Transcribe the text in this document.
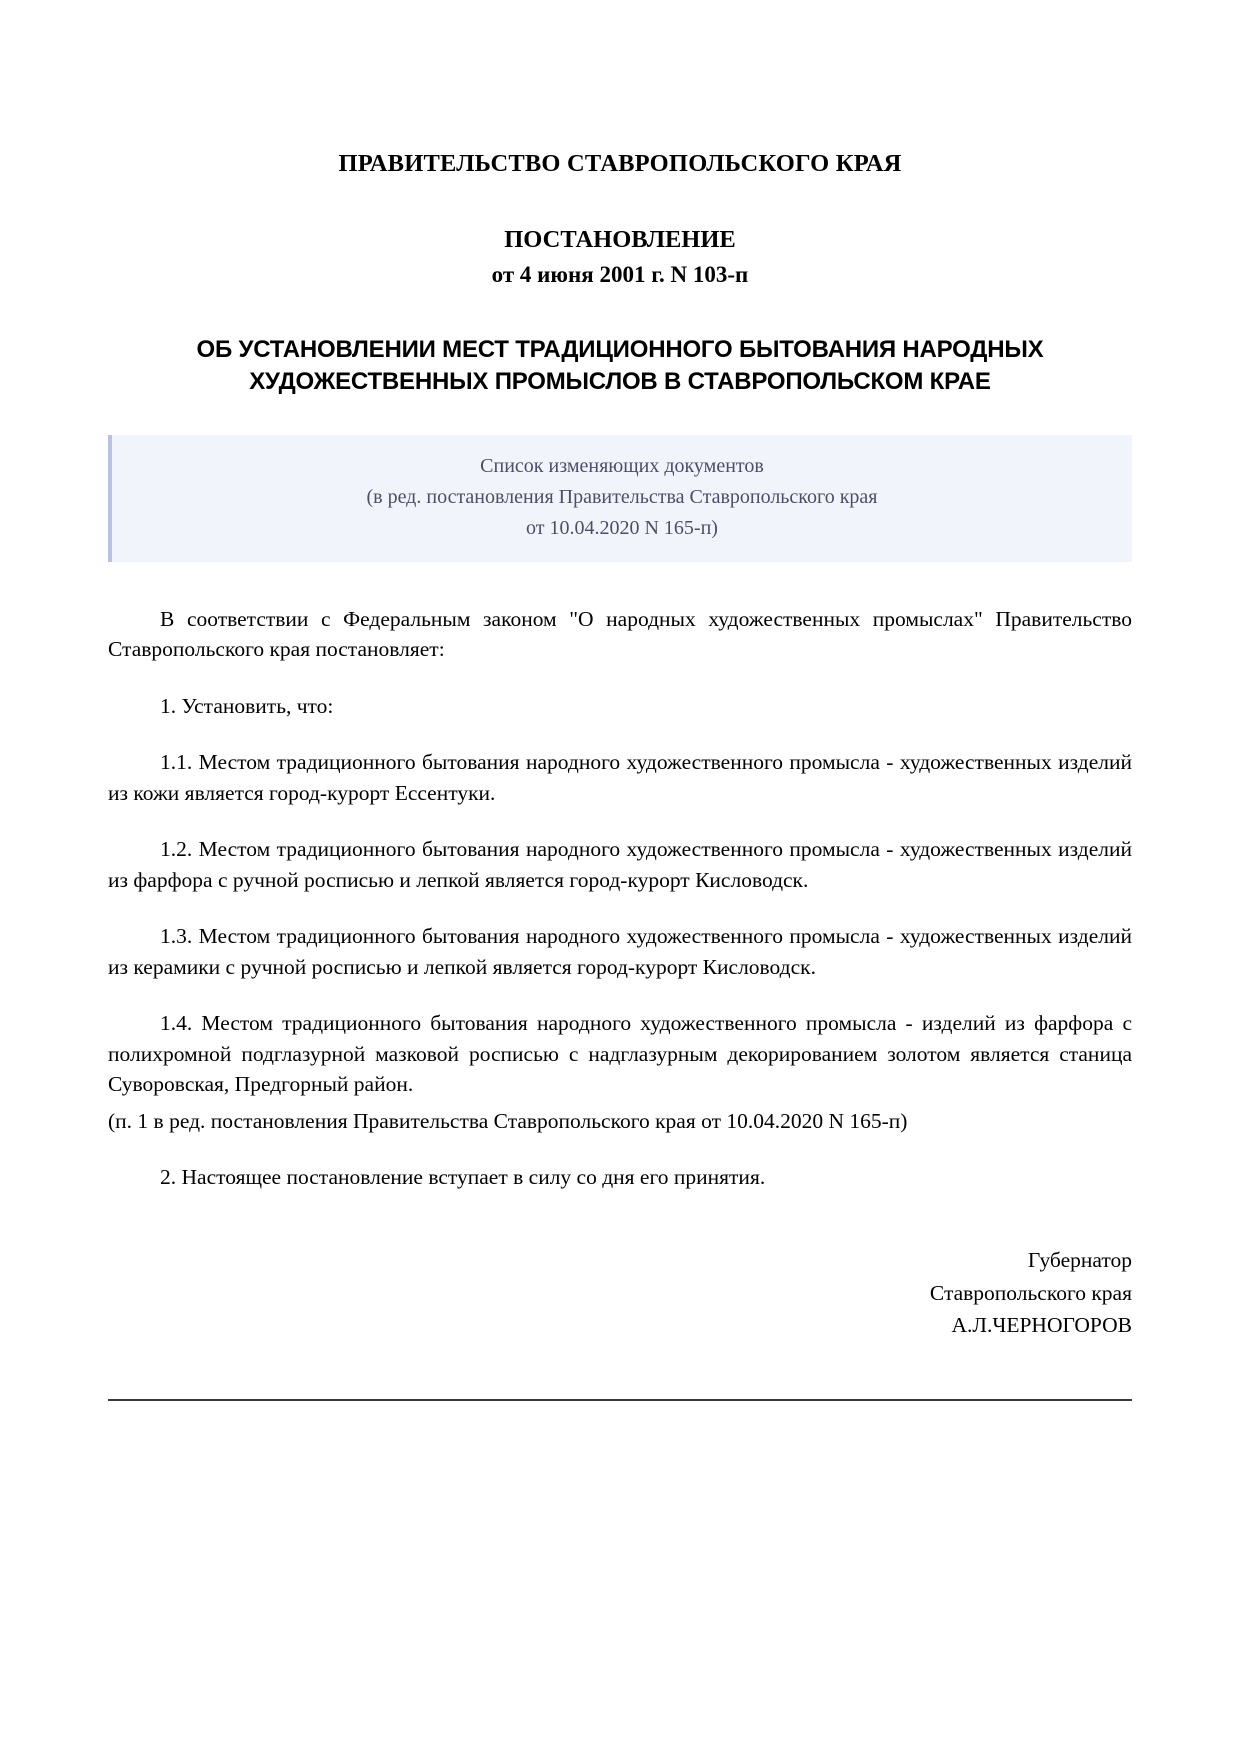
ПРАВИТЕЛЬСТВО СТАВРОПОЛЬСКОГО КРАЯ
ПОСТАНОВЛЕНИЕ
от 4 июня 2001 г. N 103-п
ОБ УСТАНОВЛЕНИИ МЕСТ ТРАДИЦИОННОГО БЫТОВАНИЯ НАРОДНЫХ
ХУДОЖЕСТВЕННЫХ ПРОМЫСЛОВ В СТАВРОПОЛЬСКОМ КРАЕ
Список изменяющих документов
(в ред. постановления Правительства Ставропольского края
от 10.04.2020 N 165-п)

В соответствии с Федеральным законом "О народных художественных промыслах" Правительство Ставропольского края постановляет:

1. Установить, что:

1.1. Местом традиционного бытования народного художественного промысла - художественных изделий из кожи является город-курорт Ессентуки.

1.2. Местом традиционного бытования народного художественного промысла - художественных изделий из фарфора с ручной росписью и лепкой является город-курорт Кисловодск.

1.3. Местом традиционного бытования народного художественного промысла - художественных изделий из керамики с ручной росписью и лепкой является город-курорт Кисловодск.

1.4. Местом традиционного бытования народного художественного промысла - изделий из фарфора с полихромной подглазурной мазковой росписью с надглазурным декорированием золотом является станица Суворовская, Предгорный район.

(п. 1 в ред. постановления Правительства Ставропольского края от 10.04.2020 N 165-п)

2. Настоящее постановление вступает в силу со дня его принятия.

Губернатор
Ставропольского края
А.Л.ЧЕРНОГОРОВ
